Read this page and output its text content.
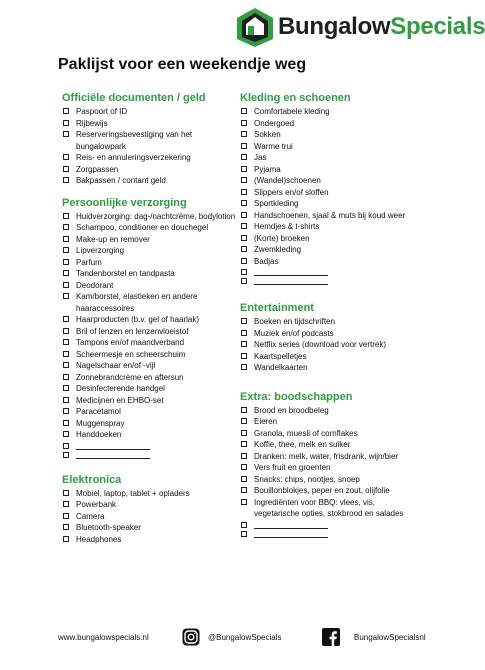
BungalowSpecials
Paklijst voor een weekendje weg
Officiële documenten / geld
Paspoort of ID
Rijbewijs
Reserveringsbevestiging van het
bungalowpark
Reis- en annuleringsverzekering
Zorgpassen
Bakpassen / contant geld
Persoonlijke verzorging
Huidverzorging: dag-/nachtcrème, bodylotion
Schampoo, conditioner en douchegel
Make-up en remover
Lipverzorging
Parfum
Tandenborstel en tandpasta
Deodorant
Kam/borstel, elastieken en andere
haaraccessoires
Haarproducten (b.v. gel of haarlak)
Bril of lenzen en lenzenvloeistof
Tampons en/of maandverband
Scheermesje en scheerschuim
Nagelschaar en/of -vijl
Zonnebrandcrème en aftersun
Desinfecterende handgel
Medicijnen en EHBO-set
Paracetamol
Muggenspray
Handdoeken
Elektronica
Mobiel, laptop, tablet + opladers
Powerbank
Camera
Bluetooth-speaker
Headphones
Kleding en schoenen
Comfortabele kleding
Ondergoed
Sokken
Warme trui
Jas
Pyjama
(Wandel)schoenen
Slippers en/of sloffen
Sportkleding
Handschoenen, sjaal & muts bij koud weer
Hemdjes & t-shirts
(Korte) broeken
Zwemkleding
Badjas
Entertainment
Boeken en tijdschriften
Muziek en/of podcasts
Netflix series (download voor vertrek)
Kaartspelletjes
Wandelkaarten
Extra: boodschappen
Brood en broodbeleg
Eieren
Granola, muesli of cornflakes
Koffie, thee, melk en suiker
Dranken: melk, water, frisdrank, wijn/bier
Vers fruit en groenten
Snacks: chips, nootjes, snoep
Bouillonblokjes, peper en zout, olijfolie
Ingrediënten voor BBQ: vlees, vis,
vegetarische opties, stokbrood en salades
www.bungalowspecials.nl	@BungalowSpecials	BungalowSpecialsnl
